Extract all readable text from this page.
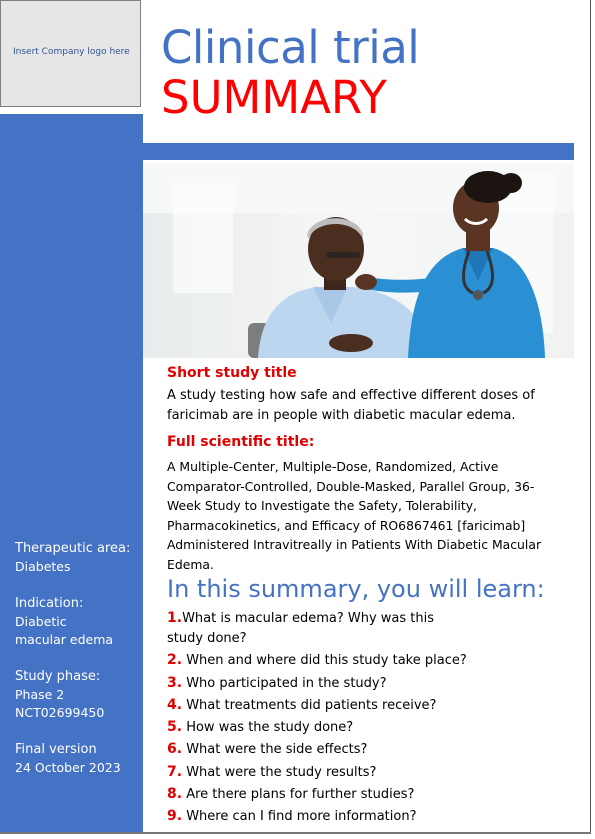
Insert Company logo here Clinical trial
SUMMARY
Therapeutic area:
Diabetes
Indication:
Diabetic
macular edema
Study phase:
Phase 2
NCT02699450
Final version
24 October 2023
Short study title
A study testing how safe and effective different doses of faricimab are in people with diabetic macular edema.
Full scientific title:
A Multiple-Center, Multiple-Dose, Randomized, Active Comparator-Controlled, Double-Masked, Parallel Group, 36-Week Study to Investigate the Safety, Tolerability, Pharmacokinetics, and Efficacy of RO6867461 [faricimab] Administered Intravitreally in Patients With Diabetic Macular Edema.
In this summary, you will learn:
1.What is macular edema? Why was this study done?
2. When and where did this study take place?
3. Who participated in the study?
4. What treatments did patients receive?
5. How was the study done?
6. What were the side effects?
7. What were the study results?
8. Are there plans for further studies?
9. Where can I find more information?
